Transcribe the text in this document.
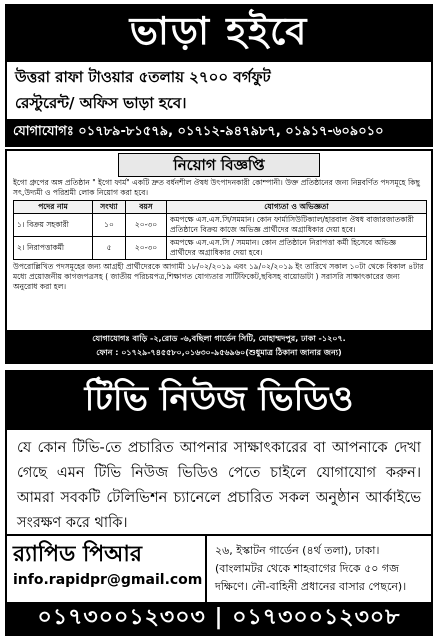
ভাড়া হইবে
উত্তরা রাফা টাওয়ার ৫তলায় ২৭০০ বর্গফুট
রেস্টুরেন্ট/ অফিস ভাড়া হবে।
যোগাযোগঃ ০১৭৮৯-৮১৫৭৯, ০১৭১২-৯৪৭৯৮৭, ০১৯১৭-৬০৯০১০
নিয়োগ বিজ্ঞপ্তি
ইগো গ্রুপের অঙ্গ প্রতিষ্ঠান " ইগো ফার্ম" একটি দ্রুত বর্ধনশীল ঔষধ উৎপাদনকারী কোম্পানী। উক্ত প্রতিষ্ঠানের জন্য নিম্নবর্ণিত পদসমূহে কিছু সৎ,উদ্যমী ও পরিশ্রমী লোক নিয়োগ করা হবে।
পদের নাম	সংখ্যা	বয়স	যোগ্যতা ও অভিজ্ঞতা
১। বিক্রয় সহকারী	১০	২০-৩০	কমপক্ষে এস.এস.সি/সমমান। কোন ফার্মাসিউটিক্যাল/হারবাল ঔষধ বাজারজাতকারী প্রতিষ্ঠানে বিক্রয় কাজে অভিজ্ঞ প্রার্থীদের অগ্রাধিকার দেয়া হবে।
২। নিরাপত্তাকর্মী	৫	২০-৩০	কমপক্ষে এস.এস.সি / সমমান। কোন প্রতিষ্ঠানে নিরাপত্তা কর্মী হিসেবে অভিজ্ঞ প্রার্থীদের অগ্রাধিকার দেয়া হবে।
উপরোল্লিখিত পদসমূহের জন্য আগ্রহী প্রার্থীদেরকে আগামী ১৮/০২/২০১৯ এবং ১৯/০২/২০১৯ ইং তারিখে সকাল ১০টা থেকে বিকাল ৪টার মধ্যে প্রয়োজনীয় কাগজপত্রসহ ( জাতীয় পরিচয়পত্র,শিক্ষাগত যোগ্যতার সার্টিফিকেট,ছবিসহ বায়োডাটা ) সরাসরি সাক্ষাৎকারের জন্য অনুরোধ করা হল।
যোগাযোগঃ বাড়ি -২,রোড -৬,বছিলা গার্ডেন সিটি, মোহাম্মদপুর, ঢাকা -১২০৭.
ফোন : ০১৭২৯-৭৪৫৫৮০,০১৬৩০-৯৫৬৯৬০(শুধুমাত্র ঠিকানা জানার জন্য)
টিভি নিউজ ভিডিও
যে কোন টিভি-তে প্রচারিত আপনার সাক্ষাৎকারের বা আপনাকে দেখা গেছে এমন টিভি নিউজ ভিডিও পেতে চাইলে যোগাযোগ করুন। আমরা সবকটি টেলিভিশন চ্যানেলে প্রচারিত সকল অনুষ্ঠান আর্কাইভে সংরক্ষণ করে থাকি।
র‍্যাপিড পিআর
info.rapidpr@gmail.com
২৬, ইস্কাটন গার্ডেন (৪র্থ তলা), ঢাকা। (বাংলামটর থেকে শাহবাগের দিকে ৫০ গজ দক্ষিণে। নৌ-বাহিনী প্রধানের বাসার পেছনে)।
০১৭৩০০১২৩০৩ | ০১৭৩০০১২৩০৮
